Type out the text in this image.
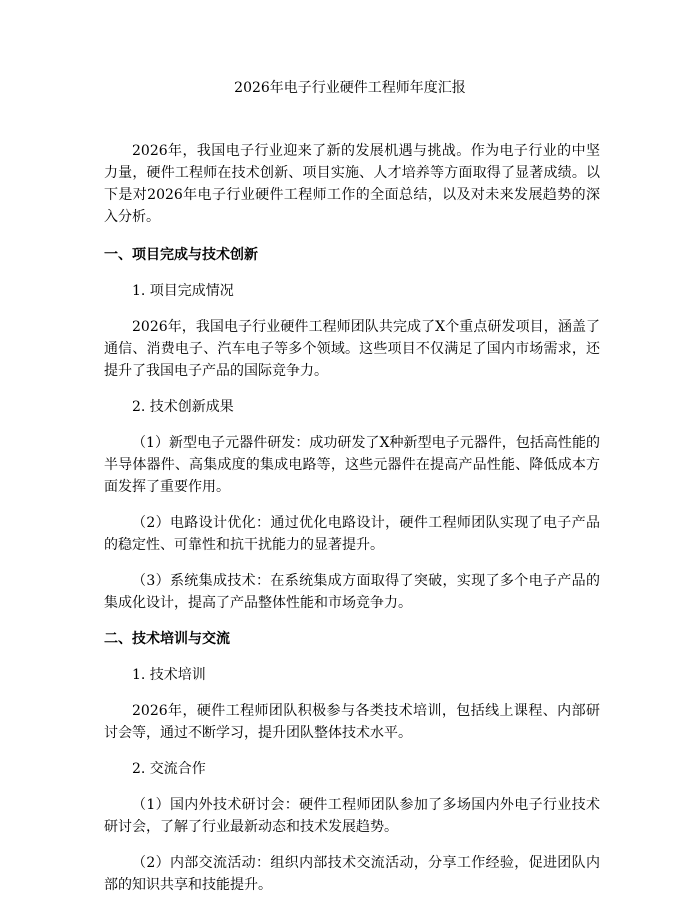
2026年电子行业硬件工程师年度汇报

2026年，我国电子行业迎来了新的发展机遇与挑战。作为电子行业的中坚力量，硬件工程师在技术创新、项目实施、人才培养等方面取得了显著成绩。以下是对2026年电子行业硬件工程师工作的全面总结，以及对未来发展趋势的深入分析。

一、项目完成与技术创新

1. 项目完成情况

2026年，我国电子行业硬件工程师团队共完成了X个重点研发项目，涵盖了通信、消费电子、汽车电子等多个领域。这些项目不仅满足了国内市场需求，还提升了我国电子产品的国际竞争力。

2. 技术创新成果

（1）新型电子元器件研发：成功研发了X种新型电子元器件，包括高性能的半导体器件、高集成度的集成电路等，这些元器件在提高产品性能、降低成本方面发挥了重要作用。

（2）电路设计优化：通过优化电路设计，硬件工程师团队实现了电子产品的稳定性、可靠性和抗干扰能力的显著提升。

（3）系统集成技术：在系统集成方面取得了突破，实现了多个电子产品的集成化设计，提高了产品整体性能和市场竞争力。

二、技术培训与交流

1. 技术培训

2026年，硬件工程师团队积极参与各类技术培训，包括线上课程、内部研讨会等，通过不断学习，提升团队整体技术水平。

2. 交流合作

（1）国内外技术研讨会：硬件工程师团队参加了多场国内外电子行业技术研讨会，了解了行业最新动态和技术发展趋势。

（2）内部交流活动：组织内部技术交流活动，分享工作经验，促进团队内部的知识共享和技能提升。
